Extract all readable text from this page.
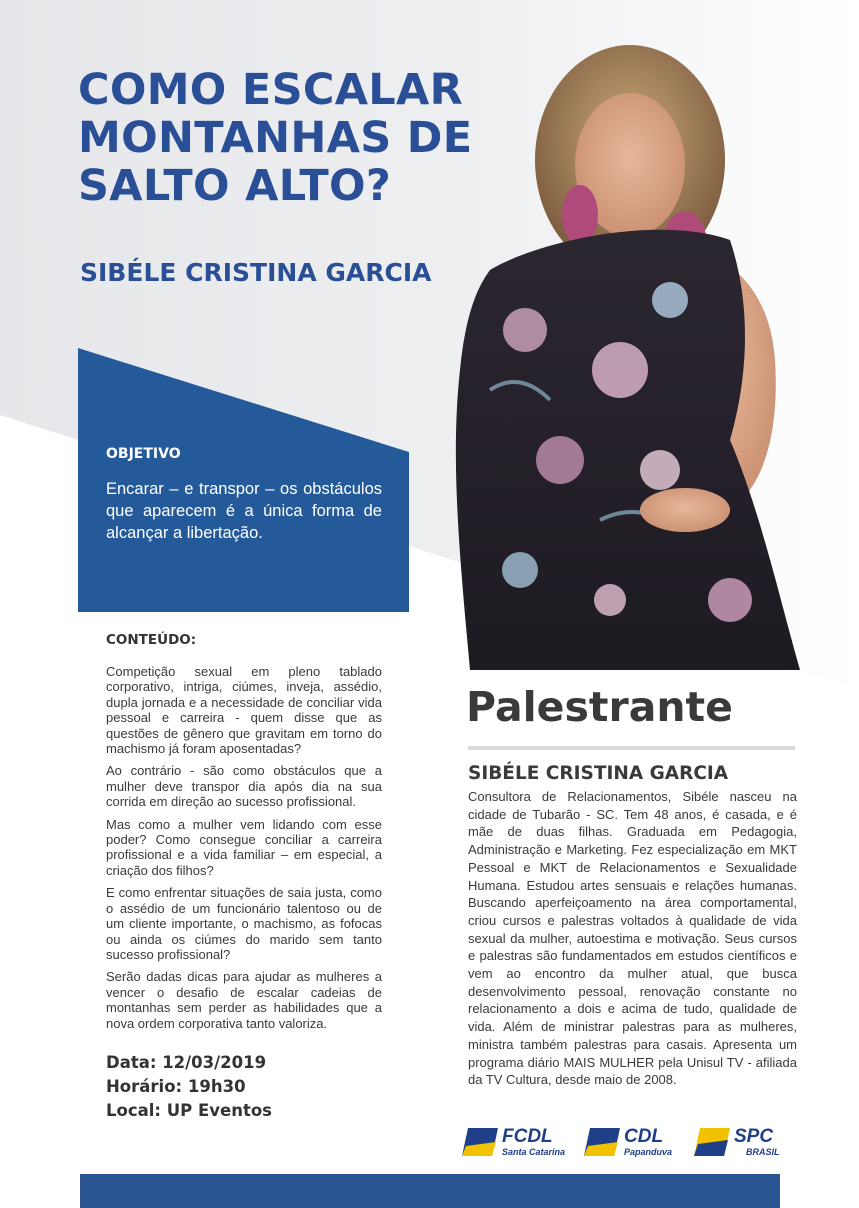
COMO ESCALAR
MONTANHAS DE
SALTO ALTO?
SIBÉLE CRISTINA GARCIA
OBJETIVO
Encarar – e transpor – os obstáculos que aparecem é a única forma de alcançar a libertação.
CONTEÚDO:

Competição sexual em pleno tablado corporativo, intriga, ciúmes, inveja, assédio, dupla jornada e a necessidade de conciliar vida pessoal e carreira - quem disse que as questões de gênero que gravitam em torno do machismo já foram aposentadas?

Ao contrário - são como obstáculos que a mulher deve transpor dia após dia na sua corrida em direção ao sucesso profissional.

Mas como a mulher vem lidando com esse poder? Como consegue conciliar a carreira profissional e a vida familiar – em especial, a criação dos filhos?

E como enfrentar situações de saia justa, como o assédio de um funcionário talentoso ou de um cliente importante, o machismo, as fofocas ou ainda os ciúmes do marido sem tanto sucesso profissional?

Serão dadas dicas para ajudar as mulheres a vencer o desafio de escalar cadeias de montanhas sem perder as habilidades que a nova ordem corporativa tanto valoriza.

Data: 12/03/2019
Horário: 19h30
Local: UP Eventos
Palestrante
SIBÉLE CRISTINA GARCIA
Consultora de Relacionamentos, Sibéle nasceu na cidade de Tubarão - SC. Tem 48 anos, é casada, e é mãe de duas filhas. Graduada em Pedagogia, Administração e Marketing. Fez especialização em MKT Pessoal e MKT de Relacionamentos e Sexualidade Humana. Estudou artes sensuais e relações humanas. Buscando aperfeiçoamento na área comportamental, criou cursos e palestras voltados à qualidade de vida sexual da mulher, autoestima e motivação. Seus cursos e palestras são fundamentados em estudos científicos e vem ao encontro da mulher atual, que busca desenvolvimento pessoal, renovação constante no relacionamento a dois e acima de tudo, qualidade de vida. Além de ministrar palestras para as mulheres, ministra também palestras para casais. Apresenta um programa diário MAIS MULHER pela Unisul TV - afiliada da TV Cultura, desde maio de 2008.
FCDL
Santa Catarina
CDL
Papanduva
SPC
BRASIL
